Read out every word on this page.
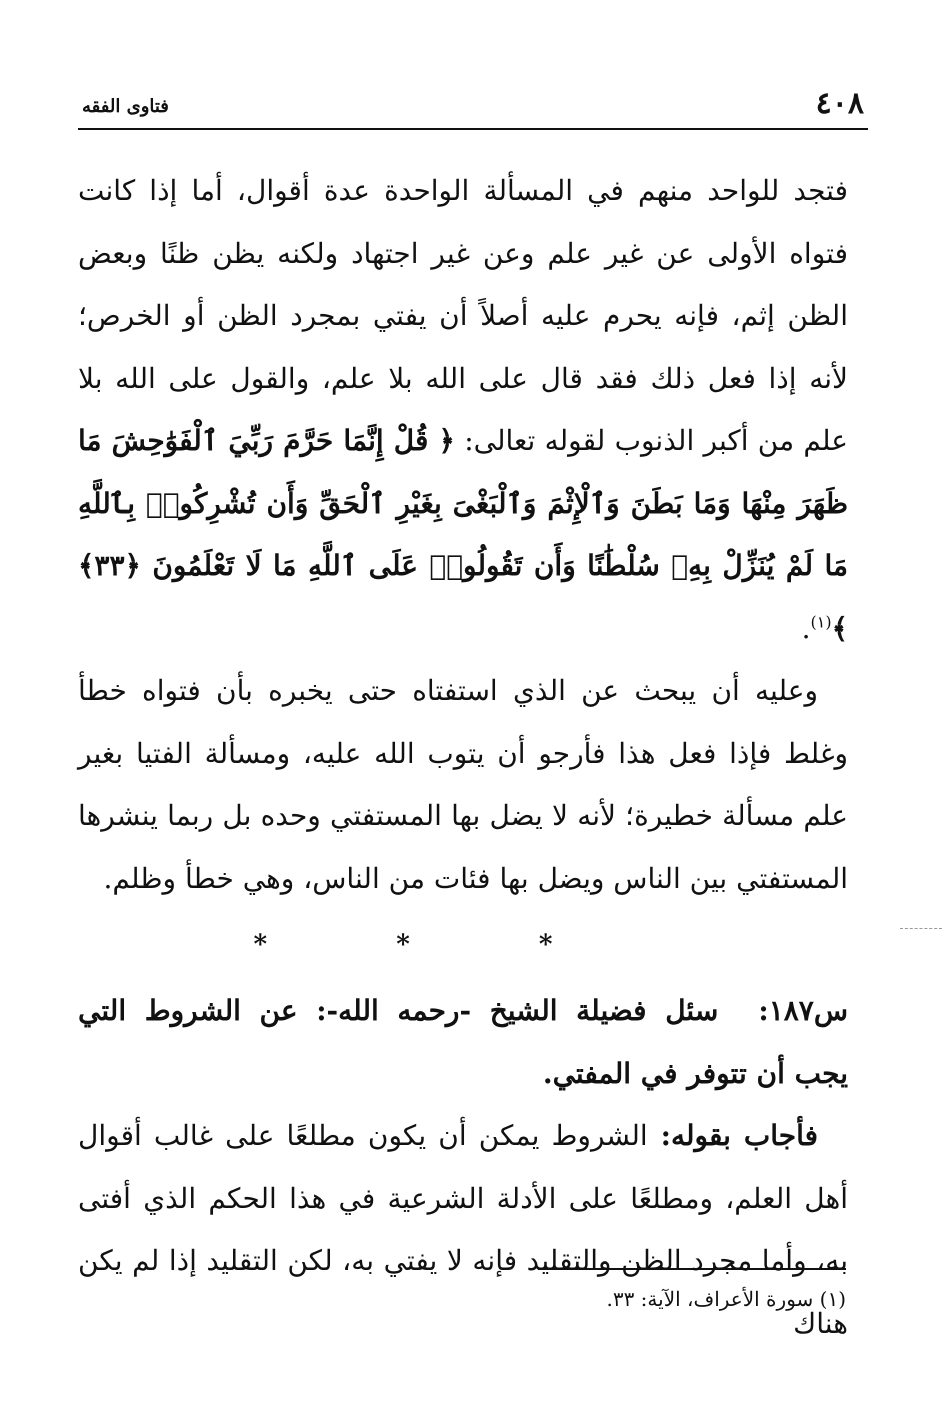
٤٠٨
فتاوى الفقه

فتجد للواحد منهم في المسألة الواحدة عدة أقوال، أما إذا كانت فتواه الأولى عن غير علم وعن غير اجتهاد ولكنه يظن ظنًا وبعض الظن إثم، فإنه يحرم عليه أصلاً أن يفتي بمجرد الظن أو الخرص؛ لأنه إذا فعل ذلك فقد قال على الله بلا علم، والقول على الله بلا علم من أكبر الذنوب لقوله تعالى: ﴿ قُلْ إِنَّمَا حَرَّمَ رَبِّيَ ٱلْفَوَٰحِشَ مَا ظَهَرَ مِنْهَا وَمَا بَطَنَ وَٱلْإِثْمَ وَٱلْبَغْىَ بِغَيْرِ ٱلْحَقِّ وَأَن تُشْرِكُوا۟ بِٱللَّهِ مَا لَمْ يُنَزِّلْ بِهِۦ سُلْطَٰنًا وَأَن تَقُولُوا۟ عَلَى ٱللَّهِ مَا لَا تَعْلَمُونَ ﴿٣٣﴾ ﴾$^{(١)}$.

وعليه أن يبحث عن الذي استفتاه حتى يخبره بأن فتواه خطأ وغلط فإذا فعل هذا فأرجو أن يتوب الله عليه، ومسألة الفتيا بغير علم مسألة خطيرة؛ لأنه لا يضل بها المستفتي وحده بل ربما ينشرها المستفتي بين الناس ويضل بها فئات من الناس، وهي خطأ وظلم.

* * *

س١٨٧:سئل فضيلة الشيخ -رحمه الله-: عن الشروط التي يجب أن تتوفر في المفتي.

فأجاب بقوله: الشروط يمكن أن يكون مطلعًا على غالب أقوال أهل العلم، ومطلعًا على الأدلة الشرعية في هذا الحكم الذي أفتى به، وأما مجرد الظن والتقليد فإنه لا يفتي به، لكن التقليد إذا لم يكن هناك

(١) سورة الأعراف، الآية: ٣٣.
